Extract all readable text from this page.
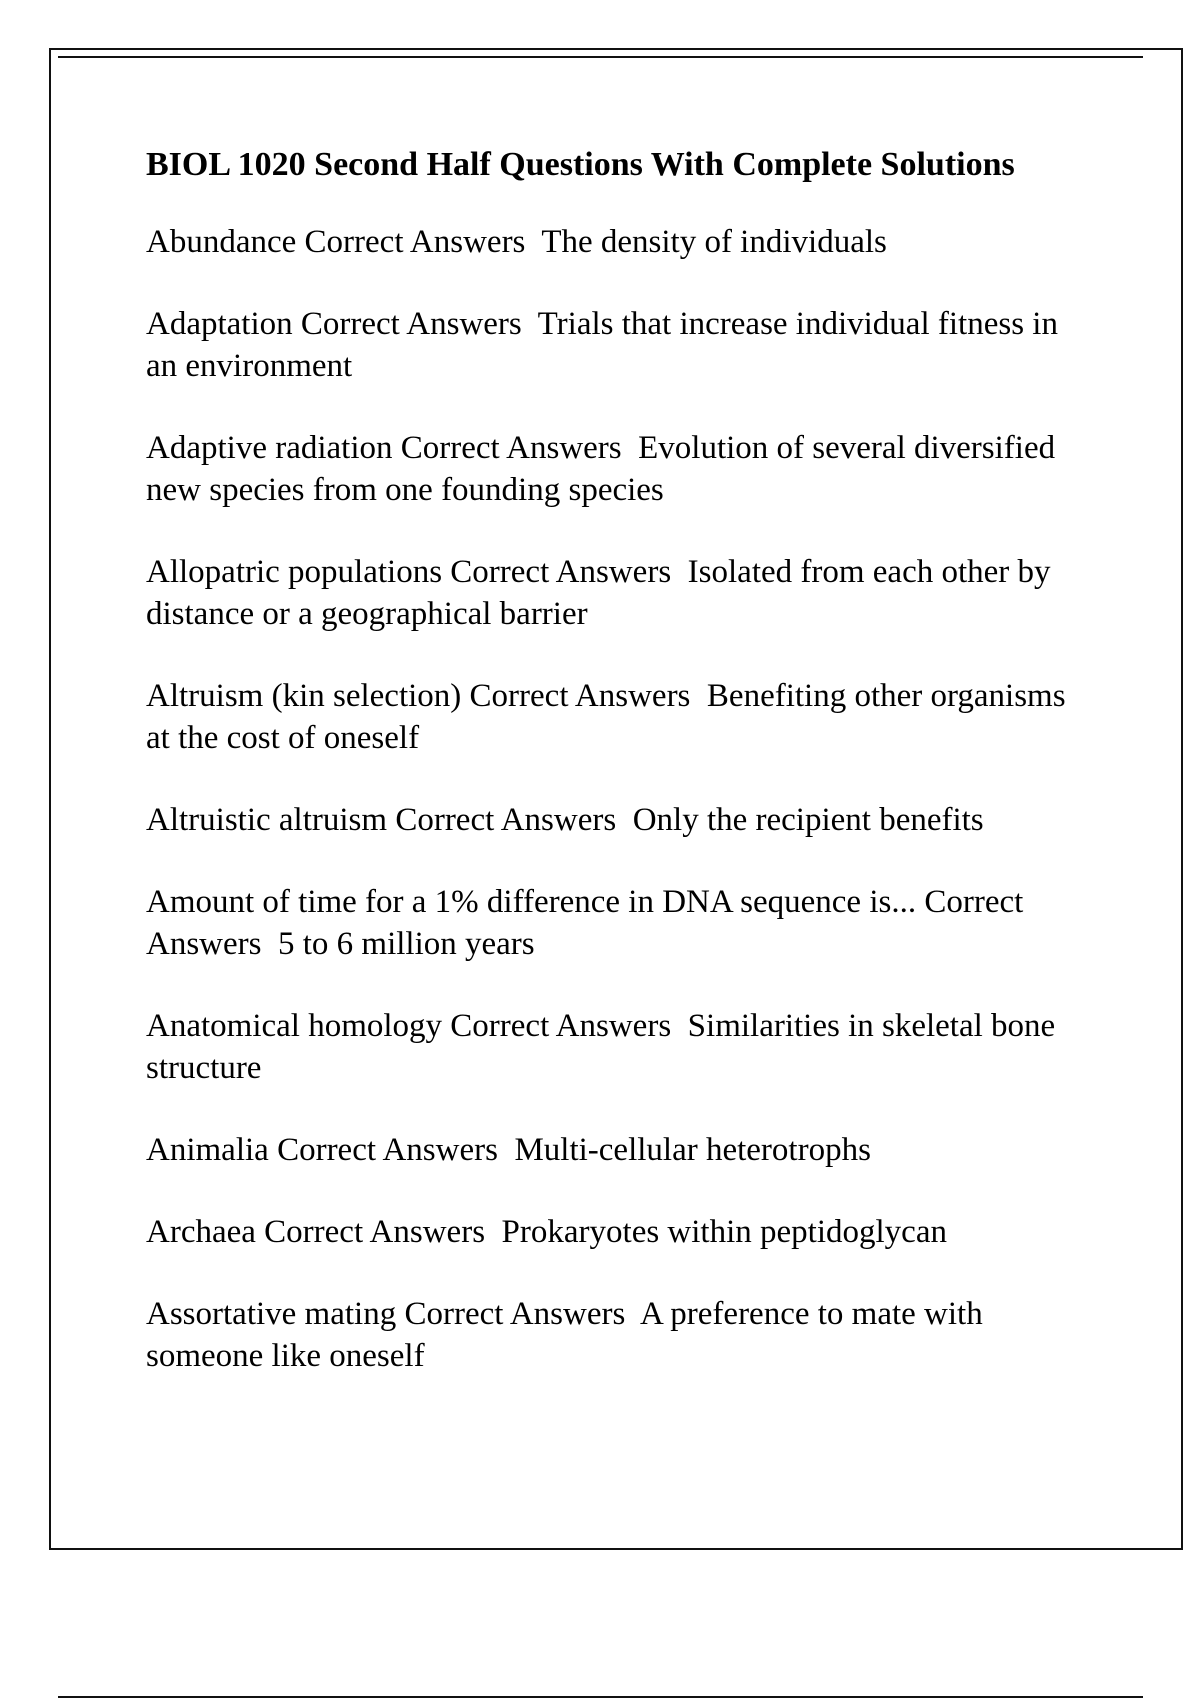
BIOL 1020 Second Half Questions With Complete Solutions
Abundance Correct Answers The density of individuals
Adaptation Correct Answers Trials that increase individual fitness in an environment
Adaptive radiation Correct Answers Evolution of several diversified new species from one founding species
Allopatric populations Correct Answers Isolated from each other by distance or a geographical barrier
Altruism (kin selection) Correct Answers Benefiting other organisms at the cost of oneself
Altruistic altruism Correct Answers Only the recipient benefits
Amount of time for a 1% difference in DNA sequence is... Correct Answers 5 to 6 million years
Anatomical homology Correct Answers Similarities in skeletal bone structure
Animalia Correct Answers Multi-cellular heterotrophs
Archaea Correct Answers Prokaryotes within peptidoglycan
Assortative mating Correct Answers A preference to mate with someone like oneself
